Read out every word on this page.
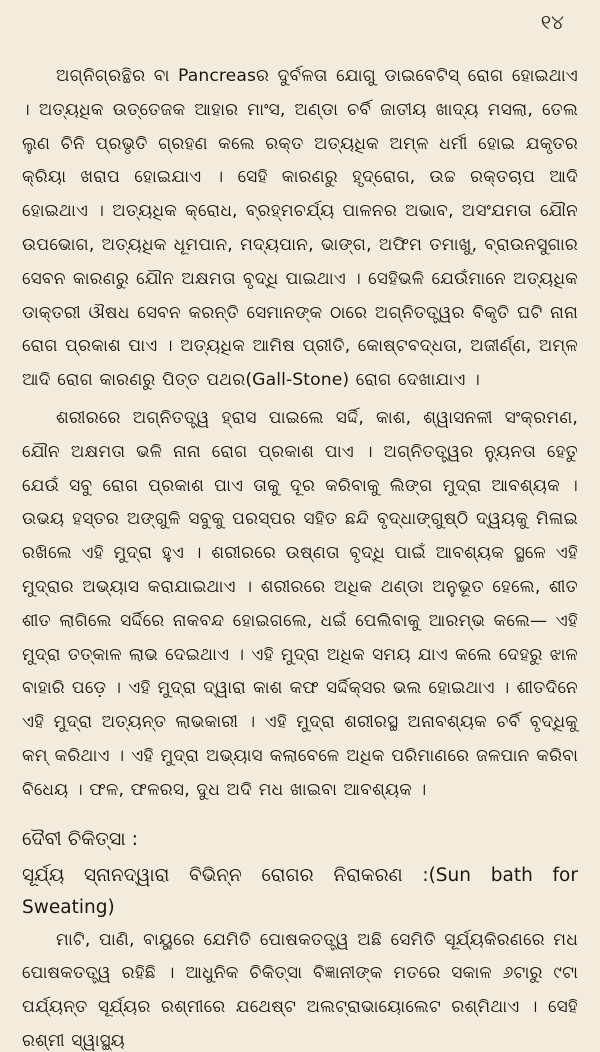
୧୪

ଅଗ୍ନିଗ୍ରନ୍ଥିର ବା Pancreasର ଦୁର୍ବଳତା ଯୋଗୁ ଡାଇବେଟିସ୍ ରୋଗ ହୋଇଥାଏ । ଅତ୍ୟଧିକ ଉତ୍ତେଜକ ଆହାର ମାଂସ, ଅଣ୍ଡା ଚର୍ବି ଜାତୀୟ ଖାଦ୍ୟ ମସଲା, ତେଲ ଲୁଣ ଚିନି ପ୍ରଭୃତି ଗ୍ରହଣ କଲେ ରକ୍ତ ଅତ୍ୟଧିକ ଅମ୍ଳ ଧର୍ମୀ ହୋଇ ଯକୃତର କ୍ରିୟା ଖରାପ ହୋଇଯାଏ । ସେହି କାରଣରୁ ହୃଦ୍‌ରୋଗ, ଉଚ୍ଚ ରକ୍ତଚାପ ଆଦି ହୋଇଥାଏ । ଅତ୍ୟଧିକ କ୍ରୋଧ, ବ୍ରହ୍ମଚର୍ଯ୍ୟ ପାଳନର ଅଭାବ, ଅସଂଯମତା ଯୌନ ଉପଭୋଗ, ଅତ୍ୟଧିକ ଧୂମପାନ, ମଦ୍ୟପାନ, ଭାଙ୍ଗ, ଅଫିମ ତମାଖୁ, ବ୍ରାଉନସୁଗାର ସେବନ କାରଣରୁ ଯୌନ ଅକ୍ଷମତା ବୃଦ୍ଧି ପାଇଥାଏ । ସେହିଭଳି ଯେଉଁମାନେ ଅତ୍ୟଧିକ ଡାକ୍ତରୀ ଔଷଧ ସେବନ କରନ୍ତି ସେମାନଙ୍କ ଠାରେ ଅଗ୍ନିତତ୍ତ୍ୱର ବିକୃତି ଘଟି ନାନା ରୋଗ ପ୍ରକାଶ ପାଏ । ଅତ୍ୟଧିକ ଆମିଷ ପ୍ରୀତି, କୋଷ୍ଟବଦ୍ଧତା, ଅଜୀର୍ଣ୍ଣ, ଅମ୍ଳ ଆଦି ରୋଗ କାରଣରୁ ପିତ୍ତ ପଥର(Gall-Stone) ରୋଗ ଦେଖାଯାଏ ।

ଶରୀରରେ ଅଗ୍ନିତତ୍ତ୍ୱ ହ୍ରାସ ପାଇଲେ ସର୍ଦ୍ଦି, କାଶ, ଶ୍ୱାସନଳୀ ସଂକ୍ରମଣ, ଯୌନ ଅକ୍ଷମତା ଭଳି ନାନା ରୋଗ ପ୍ରକାଶ ପାଏ । ଅଗ୍ନିତତ୍ତ୍ୱର ନ୍ୟୁନତା ହେତୁ ଯେଉଁ ସବୁ ରୋଗ ପ୍ରକାଶ ପାଏ ତାକୁ ଦୂର କରିବାକୁ ଲିଙ୍ଗ ମୁଦ୍ରା ଆବଶ୍ୟକ । ଉଭୟ ହସ୍ତର ଅଙ୍ଗୁଳି ସବୁକୁ ପରସ୍ପର ସହିତ ଛନ୍ଦି ବୃଦ୍ଧାଙ୍ଗୁଷ୍ଠି ଦ୍ୱୟକୁ ମିଳାଇ ରଖିଲେ ଏହି ମୁଦ୍ରା ହୁଏ । ଶରୀରରେ ଉଷ୍ଣତା ବୃଦ୍ଧି ପାଇଁ ଆବଶ୍ୟକ ସ୍ଥଳେ ଏହି ମୁଦ୍ରାର ଅଭ୍ୟାସ କରାଯାଇଥାଏ । ଶରୀରରେ ଅଧିକ ଥଣ୍ଡା ଅନୁଭୂତ ହେଲେ, ଶୀତ ଶୀତ ଲାଗିଲେ ସର୍ଦ୍ଦିରେ ନାକବନ୍ଦ ହୋଇଗଲେ, ଧଇଁ ପେଲିବାକୁ ଆରମ୍ଭ କଲେ— ଏହି ମୁଦ୍ରା ତତ୍କାଳ ଲାଭ ଦେଇଥାଏ । ଏହି ମୁଦ୍ରା ଅଧିକ ସମୟ ଯାଏ କଲେ ଦେହରୁ ଝାଳ ବାହାରି ପଡ଼େ । ଏହି ମୁଦ୍ରା ଦ୍ୱାରା କାଶ କଫ ସର୍ଦ୍ଦିକ୍ସର ଭଲ ହୋଇଥାଏ । ଶୀତଦିନେ ଏହି ମୁଦ୍ରା ଅତ୍ୟନ୍ତ ଲାଭକାରୀ । ଏହି ମୁଦ୍ରା ଶରୀରସ୍ଥ ଅନାବଶ୍ୟକ ଚର୍ବି ବୃଦ୍ଧିକୁ କମ୍ କରିଥାଏ । ଏହି ମୁଦ୍ରା ଅଭ୍ୟାସ କଲାବେଳେ ଅଧିକ ପରିମାଣରେ ଜଳପାନ କରିବା ବିଧେୟ । ଫଳ, ଫଳରସ, ଦୁଧ ଅଦି ମଧ ଖାଇବା ଆବଶ୍ୟକ ।

ଦୈବୀ ଚିକିତ୍ସା :
ସୂର୍ଯ୍ୟ ସ୍ନାନଦ୍ୱାରା ବିଭିନ୍ନ ରୋଗର ନିରାକରଣ :(Sun bath for Sweating)

ମାଟି, ପାଣି, ବାୟୁରେ ଯେମିତି ପୋଷକତତ୍ତ୍ୱ ଅଛି ସେମିତି ସୂର୍ଯ୍ୟକିରଣରେ ମଧ ପୋଷକତତ୍ତ୍ୱ ରହିଛି । ଆଧୁନିକ ଚିକିତ୍ସା ବିଜ୍ଞାନୀଙ୍କ ମତରେ ସକାଳ ୬ଟାରୁ ୯ଟା ପର୍ଯ୍ୟନ୍ତ ସୂର୍ଯ୍ୟର ରଶ୍ମୀରେ ଯଥେଷ୍ଟ ଅଲଟ୍ରାଭାୟୋଲେଟ ରଶ୍ମିଥାଏ । ସେହି ରଶ୍ମୀ ସ୍ୱାସ୍ଥ୍ୟ
